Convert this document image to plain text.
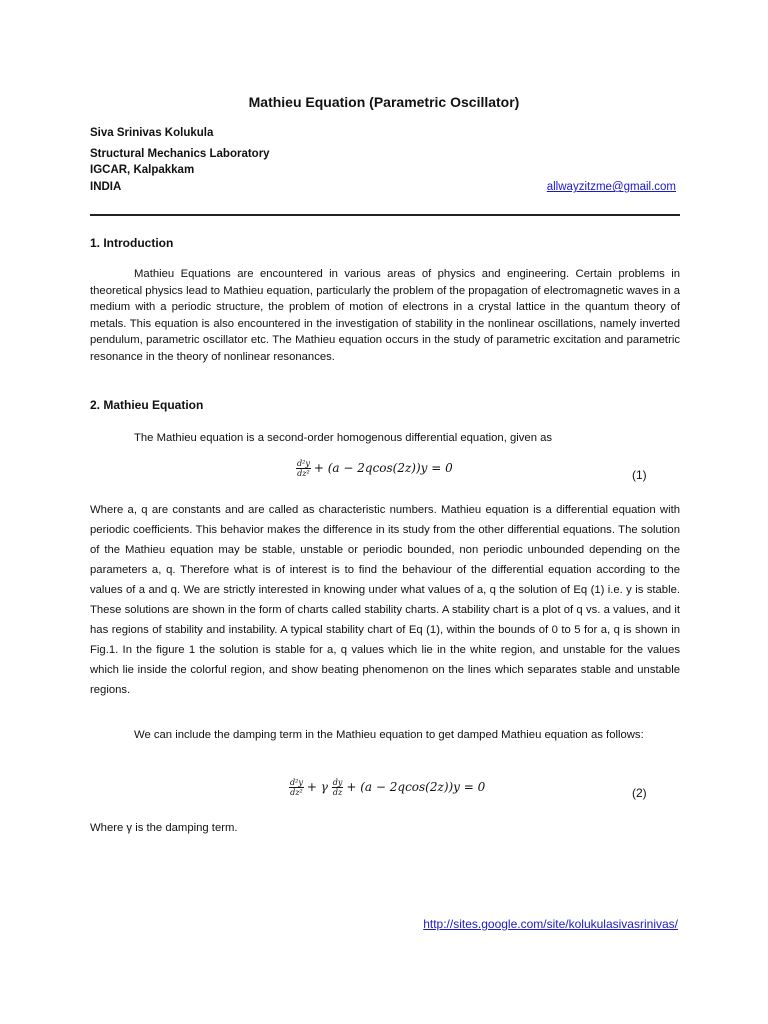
Mathieu Equation (Parametric Oscillator)
Siva Srinivas Kolukula
Structural Mechanics Laboratory
IGCAR, Kalpakkam
INDIA	allwayzitzme@gmail.com
1. Introduction
Mathieu Equations are encountered in various areas of physics and engineering. Certain problems in theoretical physics lead to Mathieu equation, particularly the problem of the propagation of electromagnetic waves in a medium with a periodic structure, the problem of motion of electrons in a crystal lattice in the quantum theory of metals. This equation is also encountered in the investigation of stability in the nonlinear oscillations, namely inverted pendulum, parametric oscillator etc. The Mathieu equation occurs in the study of parametric excitation and parametric resonance in the theory of nonlinear resonances.
2. Mathieu Equation
The Mathieu equation is a second-order homogenous differential equation, given as
$\frac{\text{d²y}}{\text{dz²}} + (a - 2qcos(2z))y = 0$	(1)
Where a, q are constants and are called as characteristic numbers. Mathieu equation is a differential equation with periodic coefficients. This behavior makes the difference in its study from the other differential equations. The solution of the Mathieu equation may be stable, unstable or periodic bounded, non periodic unbounded depending on the parameters a, q. Therefore what is of interest is to find the behaviour of the differential equation according to the values of a and q. We are strictly interested in knowing under what values of a, q the solution of Eq (1) i.e. y is stable. These solutions are shown in the form of charts called stability charts. A stability chart is a plot of q vs. a values, and it has regions of stability and instability. A typical stability chart of Eq (1), within the bounds of 0 to 5 for a, q is shown in Fig.1. In the figure 1 the solution is stable for a, q values which lie in the white region, and unstable for the values which lie inside the colorful region, and show beating phenomenon on the lines which separates stable and unstable regions.
We can include the damping term in the Mathieu equation to get damped Mathieu equation as follows:
$\frac{\text{d²y}}{\text{dz²}} + \gamma \frac{dy}{dz} + (a - 2qcos(2z))y = 0$	(2)
Where γ is the damping term.
http://sites.google.com/site/kolukulasivasrinivas/
